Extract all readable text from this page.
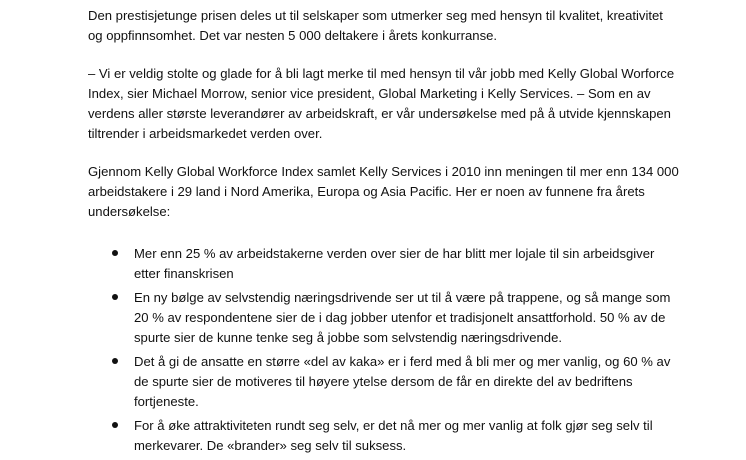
Den prestisjetunge prisen deles ut til selskaper som utmerker seg med hensyn til kvalitet, kreativitet
og oppfinnsomhet. Det var nesten 5 000 deltakere i årets konkurranse.

– Vi er veldig stolte og glade for å bli lagt merke til med hensyn til vår jobb med Kelly Global Worforce
Index, sier Michael Morrow, senior vice president, Global Marketing i Kelly Services. – Som en av
verdens aller største leverandører av arbeidskraft, er vår undersøkelse med på å utvide kjennskapen
tiltrender i arbeidsmarkedet verden over.

Gjennom Kelly Global Workforce Index samlet Kelly Services i 2010 inn meningen til mer enn 134 000
arbeidstakere i 29 land i Nord Amerika, Europa og Asia Pacific. Her er noen av funnene fra årets
undersøkelse:

Mer enn 25 % av arbeidstakerne verden over sier de har blitt mer lojale til sin arbeidsgiver
etter finanskrisen
En ny bølge av selvstendig næringsdrivende ser ut til å være på trappene, og så mange som
20 % av respondentene sier de i dag jobber utenfor et tradisjonelt ansattforhold. 50 % av de
spurte sier de kunne tenke seg å jobbe som selvstendig næringsdrivende.
Det å gi de ansatte en større «del av kaka» er i ferd med å bli mer og mer vanlig, og 60 % av
de spurte sier de motiveres til høyere ytelse dersom de får en direkte del av bedriftens
fortjeneste.
For å øke attraktiviteten rundt seg selv, er det nå mer og mer vanlig at folk gjør seg selv til
merkevarer. De «brander» seg selv til suksess.
